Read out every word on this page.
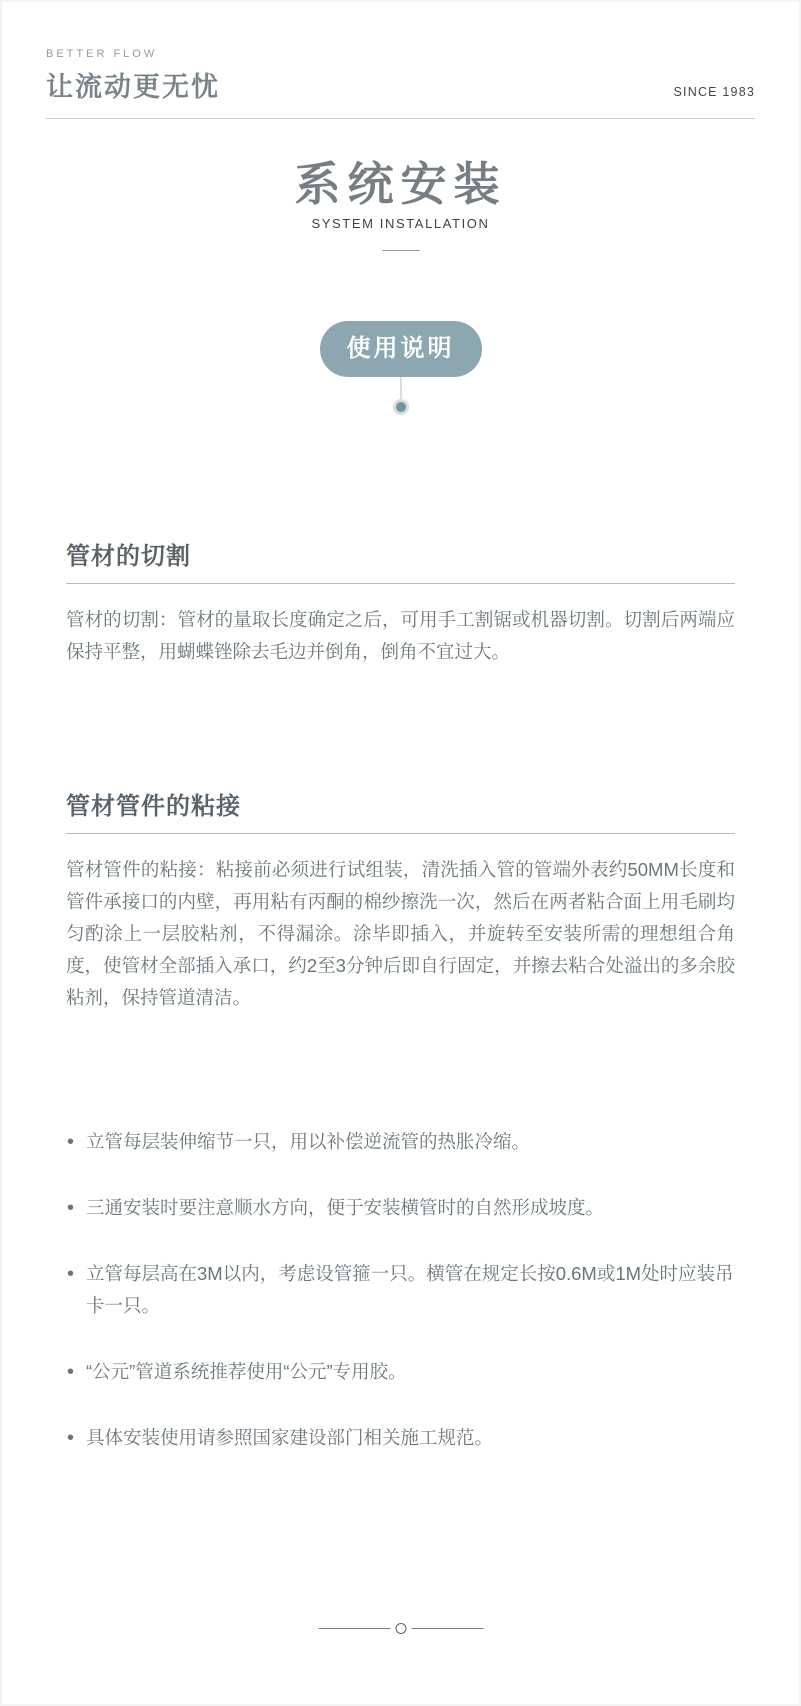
BETTER FLOW
让流动更无忧	SINCE 1983
系统安装
SYSTEM INSTALLATION
使用说明
管材的切割

管材的切割：管材的量取长度确定之后，可用手工割锯或机器切割。切割后两端应保持平整，用蝴蝶锉除去毛边并倒角，倒角不宜过大。

管材管件的粘接

管材管件的粘接：粘接前必须进行试组装，清洗插入管的管端外表约50MM长度和管件承接口的内壁，再用粘有丙酮的棉纱擦洗一次，然后在两者粘合面上用毛刷均匀酌涂上一层胶粘剂，不得漏涂。涂毕即插入，并旋转至安装所需的理想组合角度，使管材全部插入承口，约2至3分钟后即自行固定，并擦去粘合处溢出的多余胶粘剂，保持管道清洁。

• 立管每层装伸缩节一只，用以补偿逆流管的热胀冷缩。
• 三通安装时要注意顺水方向，便于安装横管时的自然形成坡度。
• 立管每层高在3M以内，考虑设管箍一只。横管在规定长按0.6M或1M处时应装吊卡一只。
• “公元”管道系统推荐使用“公元”专用胶。
• 具体安装使用请参照国家建设部门相关施工规范。
